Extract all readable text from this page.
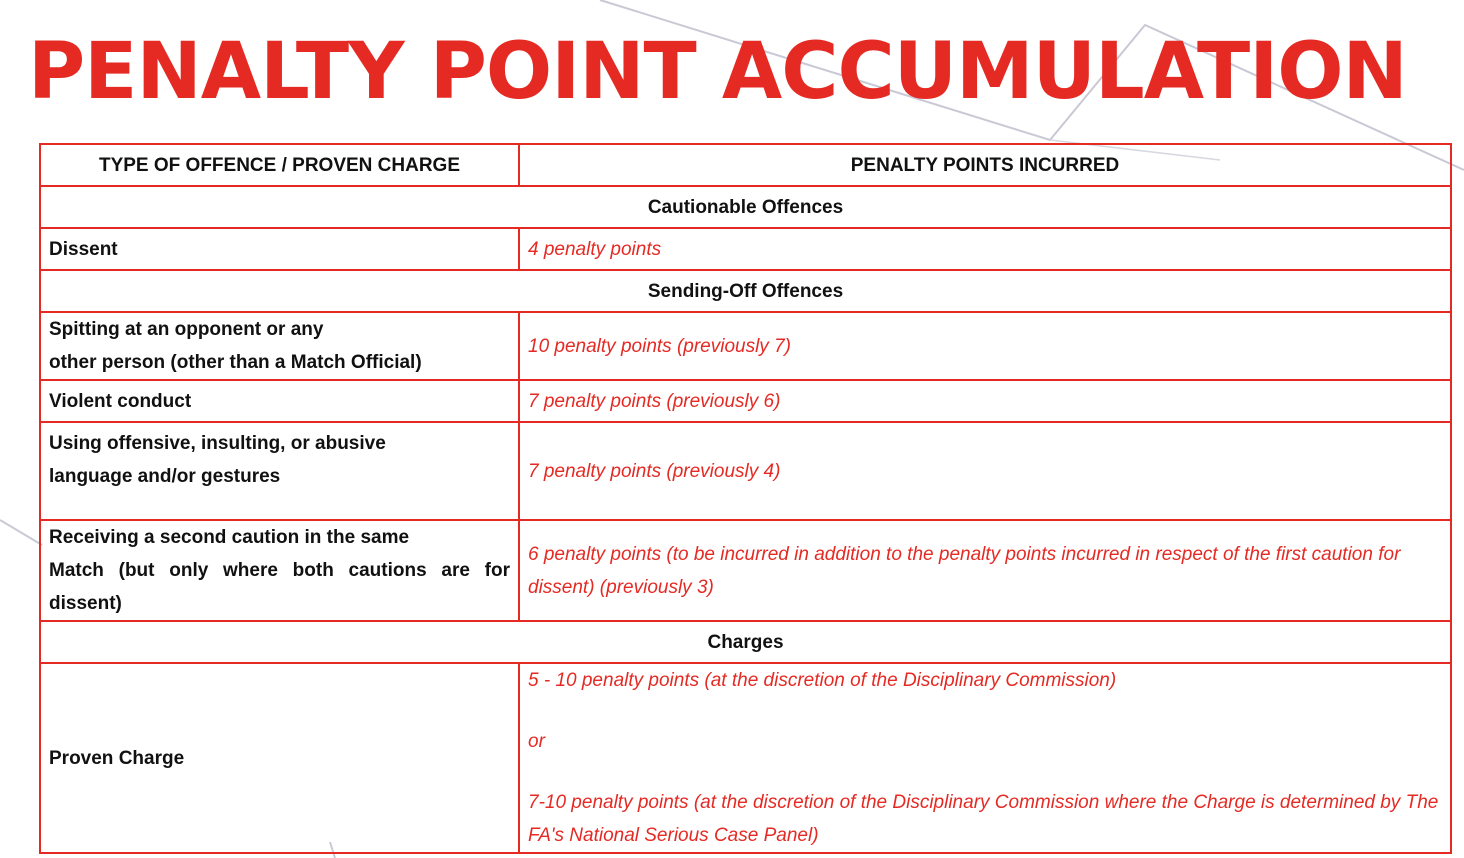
PENALTY POINT ACCUMULATION
TYPE OF OFFENCE / PROVEN CHARGE	PENALTY POINTS INCURRED
Cautionable Offences	
Dissent	4 penalty points
Sending-Off Offences	

Spitting at an opponent or any
other person (other than a Match Official)	10 penalty points (previously 7)
Violent conduct	7 penalty points (previously 6)

Using offensive, insulting, or abusive
language and/or gestures	7 penalty points (previously 4)

Receiving a second caution in the same
Match (but only where both cautions are for dissent)	6 penalty points (to be incurred in addition to the penalty points incurred in respect of the first caution for dissent) (previously 3)
Charges	
Proven Charge	5 - 10 penalty points (at the discretion of the Disciplinary Commission)
or
7-10 penalty points (at the discretion of the Disciplinary Commission where the Charge is determined by The FA's National Serious Case Panel)
